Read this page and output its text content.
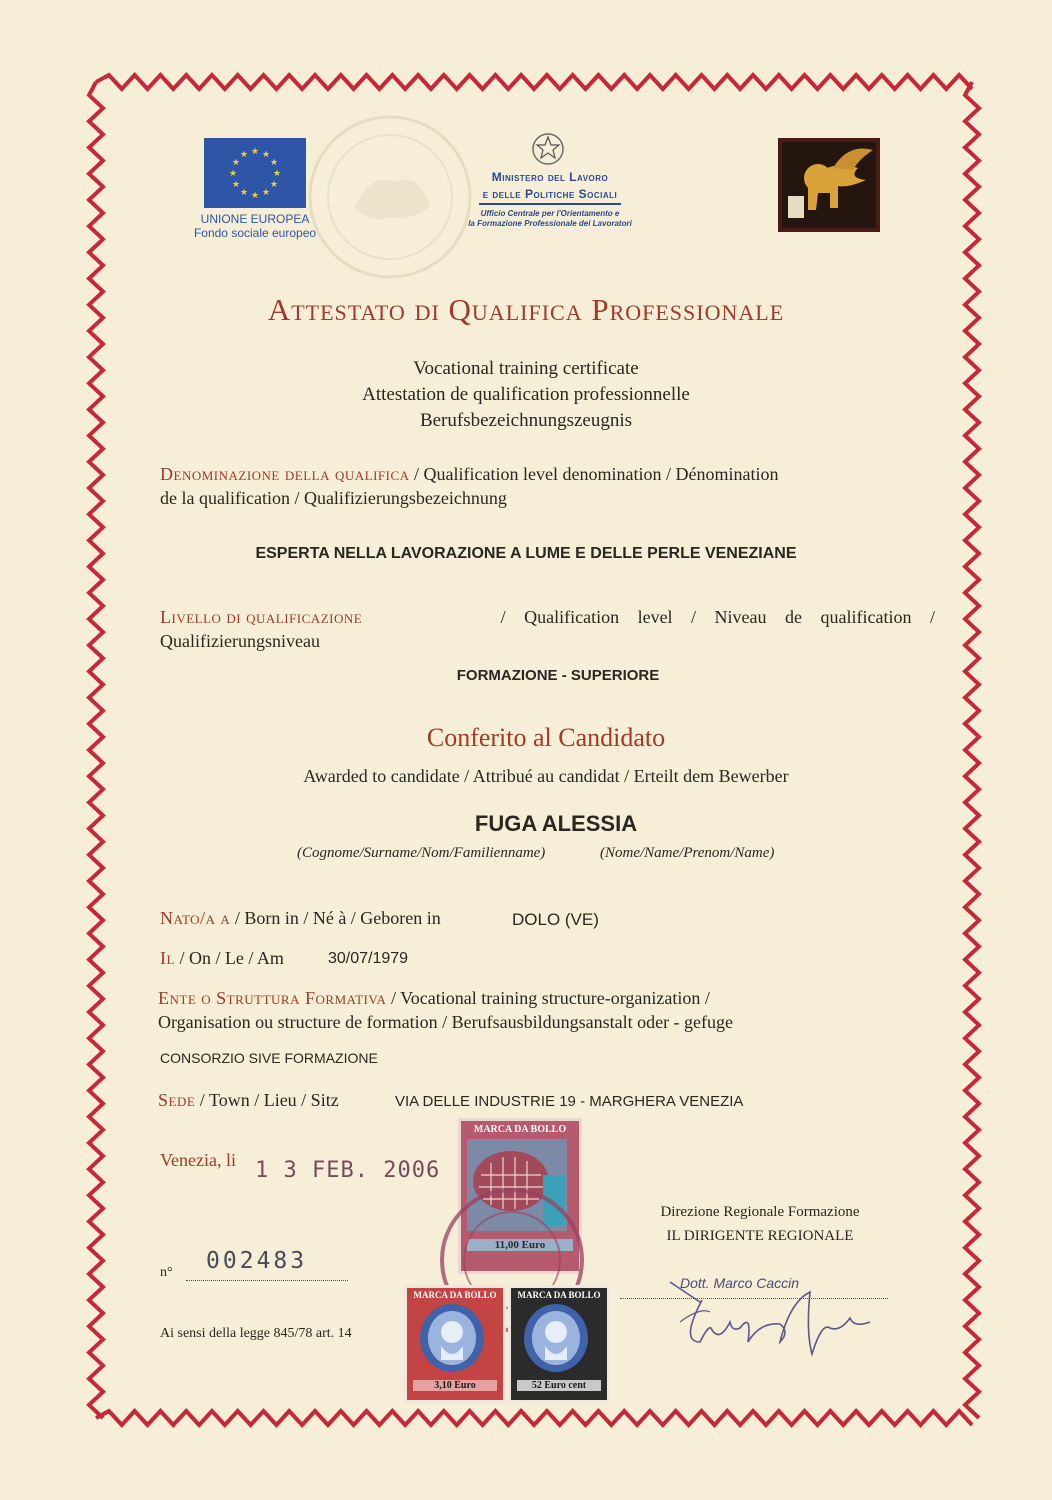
★ ★
★
★
★
★
★
★
★
★
★
★
UNIONE EUROPEA
Fondo sociale europeo
Ministero del Lavoro
e delle Politiche Sociali
Ufficio Centrale per l'Orientamento e
la Formazione Professionale dei Lavoratori
Attestato di Qualifica Professionale
Vocational training certificate
Attestation de qualification professionnelle
Berufsbezeichnungszeugnis
Denominazione della qualifica / Qualification level denomination / Dénomination
de la qualification / Qualifizierungsbezeichnung
ESPERTA NELLA LAVORAZIONE A LUME E DELLE PERLE VENEZIANE
Livello di qualificazione	/ Qualification level / Niveau de qualification /
Qualifizierungsniveau
FORMAZIONE - SUPERIORE
Conferito al Candidato
Awarded to candidate / Attribué au candidat / Erteilt dem Bewerber
FUGA ALESSIA
(Cognome/Surname/Nom/Familienname)	(Nome/Name/Prenom/Name)
Nato/a a / Born in / Né à / Geboren in	DOLO (VE)
Il / On / Le / Am	30/07/1979
Ente o Struttura Formativa / Vocational training structure-organization /
Organisation ou structure de formation / Berufsausbildungsanstalt oder - gefuge
CONSORZIO SIVE FORMAZIONE
Sede / Town / Lieu / Sitz	VIA DELLE INDUSTRIE 19 - MARGHERA VENEZIA
Venezia, li 1 3 FEB. 2006
n°	002483
Ai sensi della legge 845/78 art. 14
MARCA DA BOLLO
11,00 Euro
MARCA DA BOLLO
3,10 Euro
MARCA DA BOLLO
52 Euro cent
Direzione Regionale Formazione
IL DIRIGENTE REGIONALE
Dott. Marco Caccin
